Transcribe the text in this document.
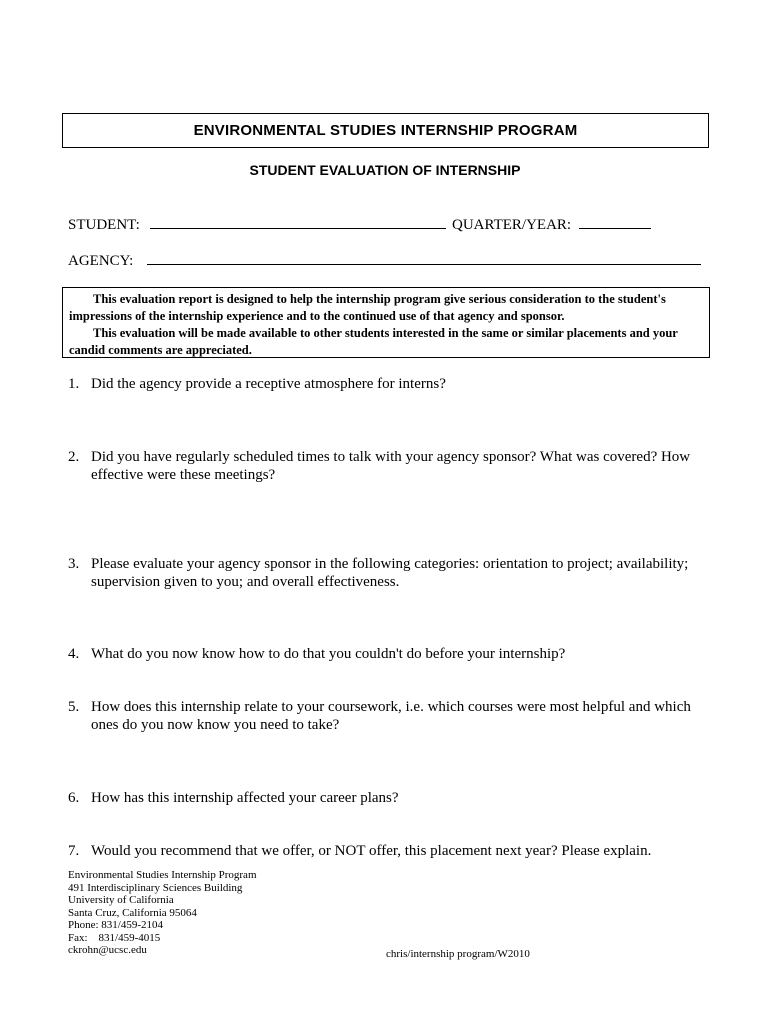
ENVIRONMENTAL STUDIES INTERNSHIP PROGRAM
STUDENT EVALUATION OF INTERNSHIP
STUDENT:	QUARTER/YEAR:
AGENCY:

This evaluation report is designed to help the internship program give serious consideration to the student's impressions of the internship experience and to the continued use of that agency and sponsor.

This evaluation will be made available to other students interested in the same or similar placements and your candid comments are appreciated.

1. Did the agency provide a receptive atmosphere for interns?
2. Did you have regularly scheduled times to talk with your agency sponsor? What was covered? How effective were these meetings?
3. Please evaluate your agency sponsor in the following categories: orientation to project; availability; supervision given to you; and overall effectiveness.
4. What do you now know how to do that you couldn't do before your internship?
5. How does this internship relate to your coursework, i.e. which courses were most helpful and which ones do you now know you need to take?
6. How has this internship affected your career plans?
7. Would you recommend that we offer, or NOT offer, this placement next year? Please explain.
Environmental Studies Internship Program
491 Interdisciplinary Sciences Building
University of California
Santa Cruz, California 95064
Phone: 831/459-2104
Fax:    831/459-4015
ckrohn@ucsc.edu	chris/internship program/W2010
